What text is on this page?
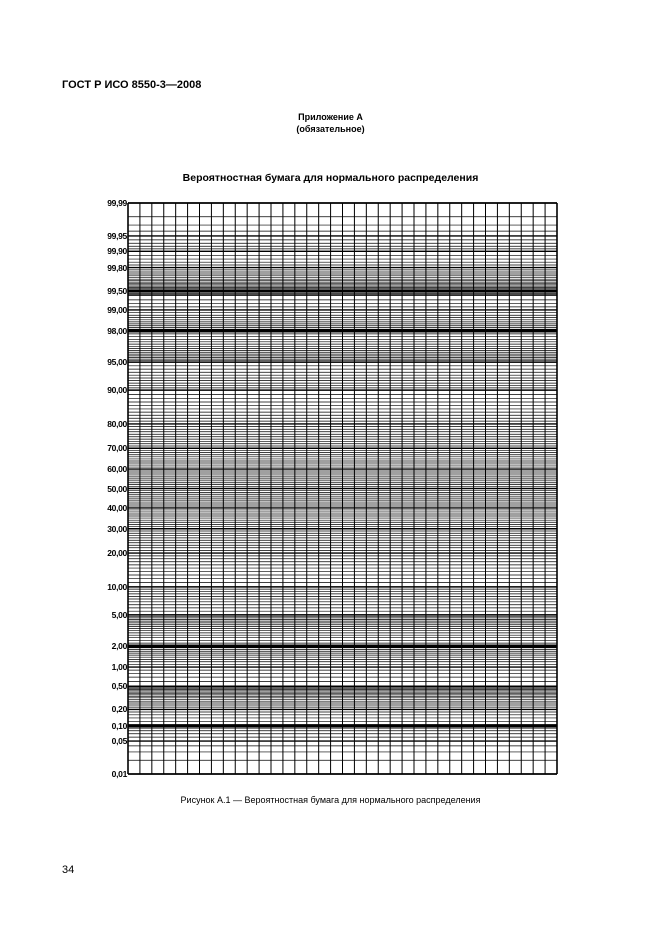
ГОСТ Р ИСО 8550-3—2008
Приложение А
(обязательное)
Вероятностная бумага для нормального распределения
99,99
99,95
99,90
99,80
99,50
99,00
98,00
95,00
90,00
80,00
70,00
60,00
50,00
40,00
30,00
20,00
10,00
5,00
2,00
1,00
0,50
0,20
0,10
0,05
0,01
Рисунок А.1 — Вероятностная бумага для нормального распределения
34
